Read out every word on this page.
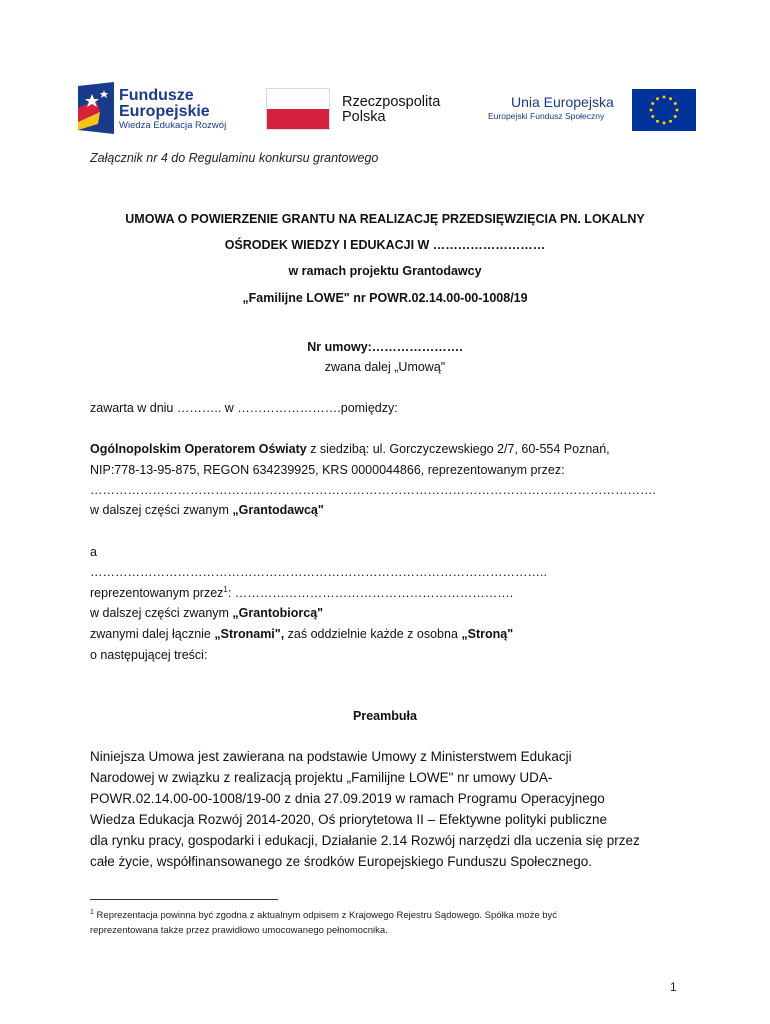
Fundusze
Europejskie
Wiedza Edukacja Rozwój
Rzeczpospolita
Polska
Unia Europejska
Europejski Fundusz Społeczny
Załącznik nr 4 do Regulaminu konkursu grantowego
UMOWA O POWIERZENIE GRANTU NA REALIZACJĘ PRZEDSIĘWZIĘCIA PN. LOKALNY
OŚRODEK WIEDZY I EDUKACJI W ………………………
w ramach projektu Grantodawcy
„Familijne LOWE" nr POWR.02.14.00-00-1008/19
Nr umowy:………………….
zwana dalej „Umową"
zawarta w dniu ……….. w …………………….pomiędzy:
Ogólnopolskim Operatorem Oświaty z siedzibą: ul. Gorczyczewskiego 2/7, 60-554 Poznań,
NIP:778-13-95-875, REGON 634239925, KRS 0000044866, reprezentowanym przez:
……………………………………………………………………………………………………………………….
w dalszej części zwanym „Grantodawcą"
a
………………………………………………………………………………………………..
reprezentowanym przez$^1$: ………………………………………………………….
w dalszej części zwanym „Grantobiorcą"
zwanymi dalej łącznie „Stronami", zaś oddzielnie każde z osobna „Stroną"
o następującej treści:
Preambuła
Niniejsza Umowa jest zawierana na podstawie Umowy z Ministerstwem Edukacji
Narodowej w związku z realizacją projektu „Familijne LOWE" nr umowy UDA-
POWR.02.14.00-00-1008/19-00 z dnia 27.09.2019 w ramach Programu Operacyjnego
Wiedza Edukacja Rozwój 2014-2020, Oś priorytetowa II – Efektywne polityki publiczne
dla rynku pracy, gospodarki i edukacji, Działanie 2.14 Rozwój narzędzi dla uczenia się przez
całe życie, współfinansowanego ze środków Europejskiego Funduszu Społecznego.
$^1$ Reprezentacja powinna być zgodna z aktualnym odpisem z Krajowego Rejestru Sądowego. Spółka może być
reprezentowana także przez prawidłowo umocowanego pełnomocnika.
1
